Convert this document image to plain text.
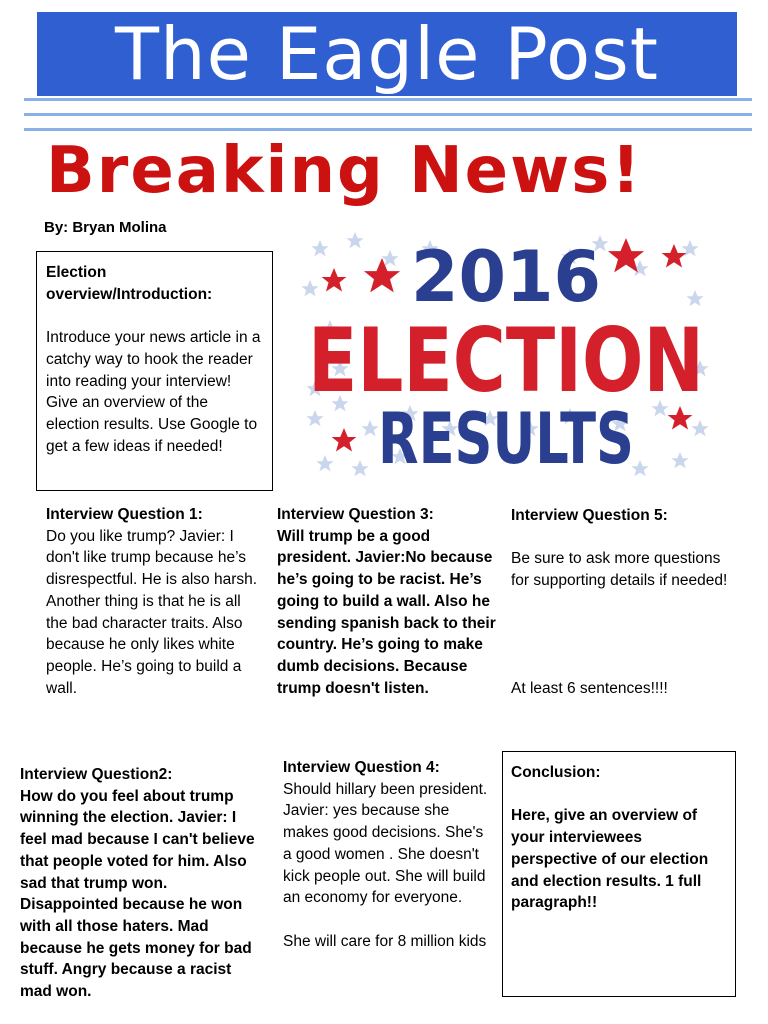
The Eagle Post
Breaking News!
By: Bryan Molina

Election overview/Introduction:

Introduce your news article in a catchy way to hook the reader into reading your interview! Give an overview of the election results. Use Google to get a few ideas if needed!

2016
ELECTION
RESULTS

Interview Question 1:

Do you like trump? Javier: I don't like trump because he’s disrespectful. He is also harsh. Another thing is that he is all the bad character traits. Also because he only likes white people. He’s going to build a wall.

Interview Question2:

How do you feel about trump winning the election. Javier: I feel mad because I can't believe that people voted for him. Also sad that trump won. Disappointed because he won with all those haters. Mad because he gets money for bad stuff. Angry because a racist mad won.

Interview Question 3:

Will trump be a good president. Javier:No because he’s going to be racist. He’s going to build a wall. Also he sending spanish back to their country. He’s going to make dumb decisions. Because trump doesn't listen.

Interview Question 4:

Should hillary been president. Javier: yes because she makes good decisions. She's a good women . She doesn't kick people out. She will build an economy for everyone.

She will care for 8 million kids

Interview Question 5:

Be sure to ask more questions for supporting details if needed!

At least 6 sentences!!!!

Conclusion:

Here, give an overview of your interviewees perspective of our election and election results. 1 full paragraph!!
